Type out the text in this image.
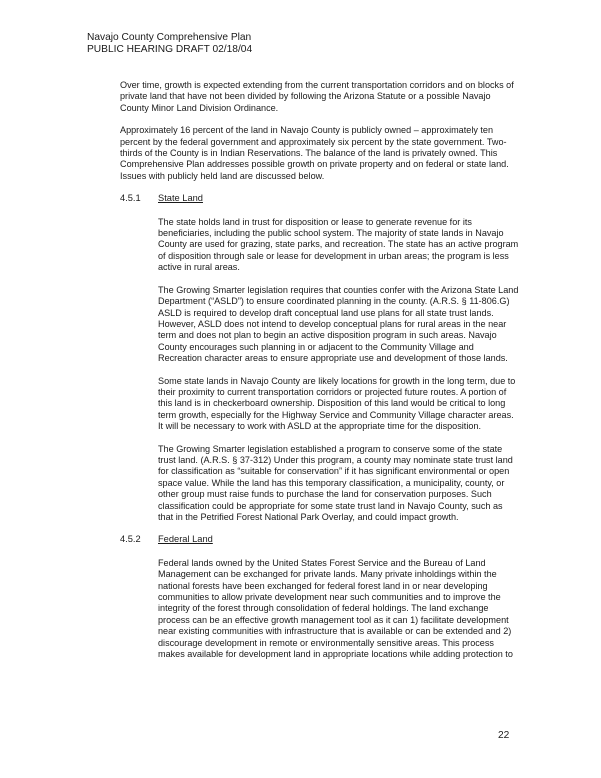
Navajo County Comprehensive Plan
PUBLIC HEARING DRAFT 02/18/04

Over time, growth is expected extending from the current transportation corridors and on blocks of private land that have not been divided by following the Arizona Statute or a possible Navajo County Minor Land Division Ordinance.

Approximately 16 percent of the land in Navajo County is publicly owned – approximately ten percent by the federal government and approximately six percent by the state government. Two-thirds of the County is in Indian Reservations. The balance of the land is privately owned. This Comprehensive Plan addresses possible growth on private property and on federal or state land. Issues with publicly held land are discussed below.

4.5.1	State Land

The state holds land in trust for disposition or lease to generate revenue for its beneficiaries, including the public school system. The majority of state lands in Navajo County are used for grazing, state parks, and recreation. The state has an active program of disposition through sale or lease for development in urban areas; the program is less active in rural areas.

The Growing Smarter legislation requires that counties confer with the Arizona State Land Department (“ASLD”) to ensure coordinated planning in the county. (A.R.S. § 11-806.G) ASLD is required to develop draft conceptual land use plans for all state trust lands. However, ASLD does not intend to develop conceptual plans for rural areas in the near term and does not plan to begin an active disposition program in such areas. Navajo County encourages such planning in or adjacent to the Community Village and Recreation character areas to ensure appropriate use and development of those lands.

Some state lands in Navajo County are likely locations for growth in the long term, due to their proximity to current transportation corridors or projected future routes. A portion of this land is in checkerboard ownership. Disposition of this land would be critical to long term growth, especially for the Highway Service and Community Village character areas. It will be necessary to work with ASLD at the appropriate time for the disposition.

The Growing Smarter legislation established a program to conserve some of the state trust land. (A.R.S. § 37-312) Under this program, a county may nominate state trust land for classification as “suitable for conservation” if it has significant environmental or open space value. While the land has this temporary classification, a municipality, county, or other group must raise funds to purchase the land for conservation purposes. Such classification could be appropriate for some state trust land in Navajo County, such as that in the Petrified Forest National Park Overlay, and could impact growth.

4.5.2	Federal Land

Federal lands owned by the United States Forest Service and the Bureau of Land Management can be exchanged for private lands. Many private inholdings within the national forests have been exchanged for federal forest land in or near developing communities to allow private development near such communities and to improve the integrity of the forest through consolidation of federal holdings. The land exchange process can be an effective growth management tool as it can 1) facilitate development near existing communities with infrastructure that is available or can be extended and 2) discourage development in remote or environmentally sensitive areas. This process makes available for development land in appropriate locations while adding protection to

22
